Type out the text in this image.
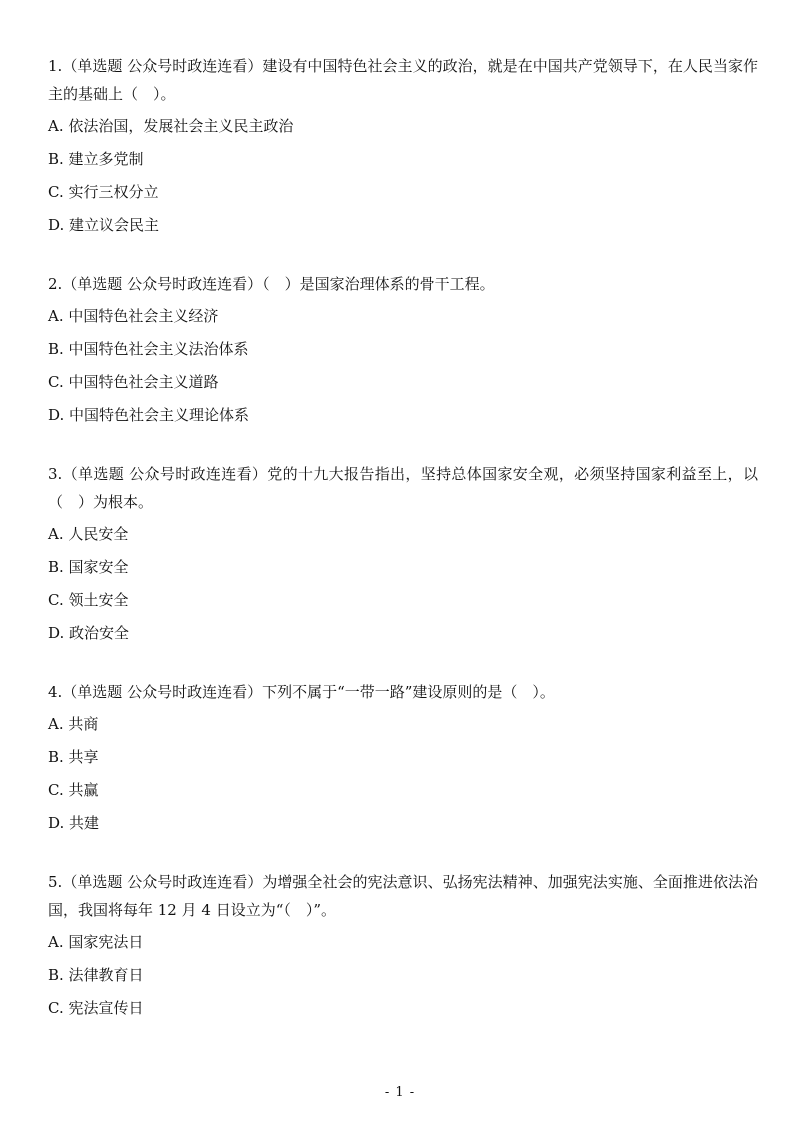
1.（单选题 公众号时政连连看）建设有中国特色社会主义的政治，就是在中国共产党领导下，在人民当家作主的基础上（　）。

A. 依法治国，发展社会主义民主政治

B. 建立多党制

C. 实行三权分立

D. 建立议会民主

2.（单选题 公众号时政连连看）（　）是国家治理体系的骨干工程。

A. 中国特色社会主义经济

B. 中国特色社会主义法治体系

C. 中国特色社会主义道路

D. 中国特色社会主义理论体系

3.（单选题 公众号时政连连看）党的十九大报告指出，坚持总体国家安全观，必须坚持国家利益至上，以（　）为根本。

A. 人民安全

B. 国家安全

C. 领土安全

D. 政治安全

4.（单选题 公众号时政连连看）下列不属于“一带一路”建设原则的是（　）。

A. 共商

B. 共享

C. 共赢

D. 共建

5.（单选题 公众号时政连连看）为增强全社会的宪法意识、弘扬宪法精神、加强宪法实施、全面推进依法治国，我国将每年 12 月 4 日设立为“（　）”。

A. 国家宪法日

B. 法律教育日

C. 宪法宣传日

- 1 -
